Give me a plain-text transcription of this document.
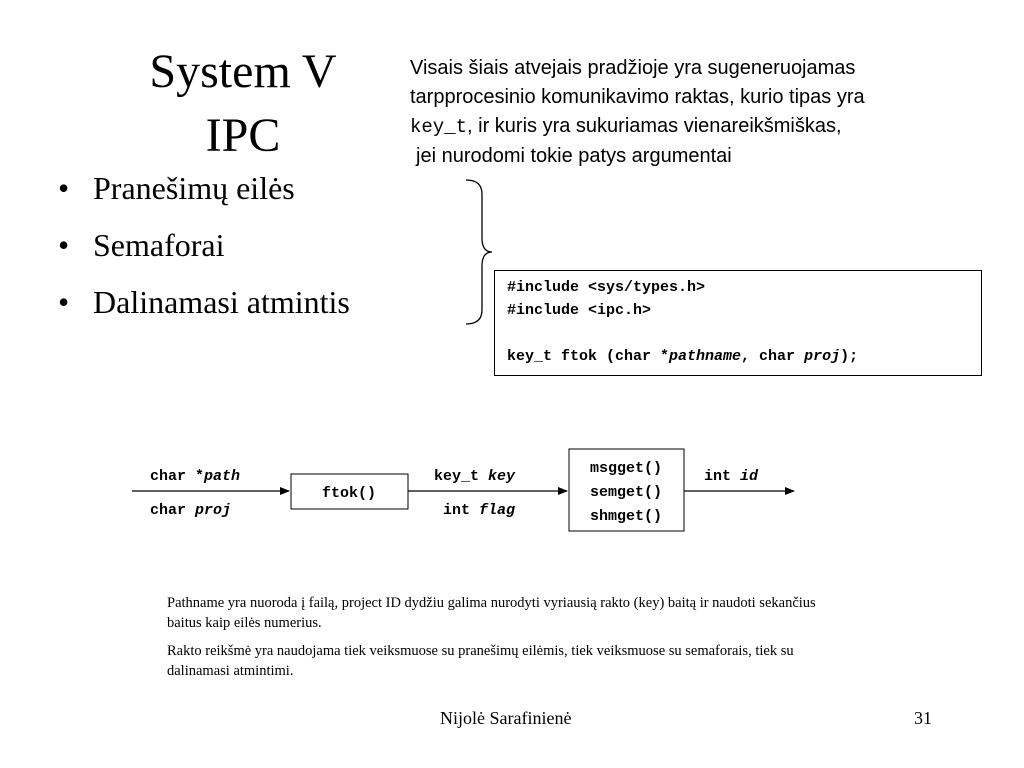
System V
IPC
Visais šiais atvejais pradžioje yra sugeneruojamas
tarpprocesinio komunikavimo raktas, kurio tipas yra
key_t, ir kuris yra sukuriamas vienareikšmiškas,
jei nurodomi tokie patys argumentai
• Pranešimų eilės
• Semaforai
• Dalinamasi atmintis	#include <sys/types.h>
#include <ipc.h>
key_t ftok (char *pathname, char proj);
char *path
char proj
ftok()
key_t key
int flag
msgget()
semget()
shmget()
int id

Pathname yra nuoroda į failą, project ID dydžiu galima nurodyti vyriausią rakto (key) baitą ir naudoti sekančius baitus kaip eilės numerius.

Rakto reikšmė yra naudojama tiek veiksmuose su pranešimų eilėmis, tiek veiksmuose su semaforais, tiek su dalinamasi atmintimi.

Nijolė Sarafinienė	31
